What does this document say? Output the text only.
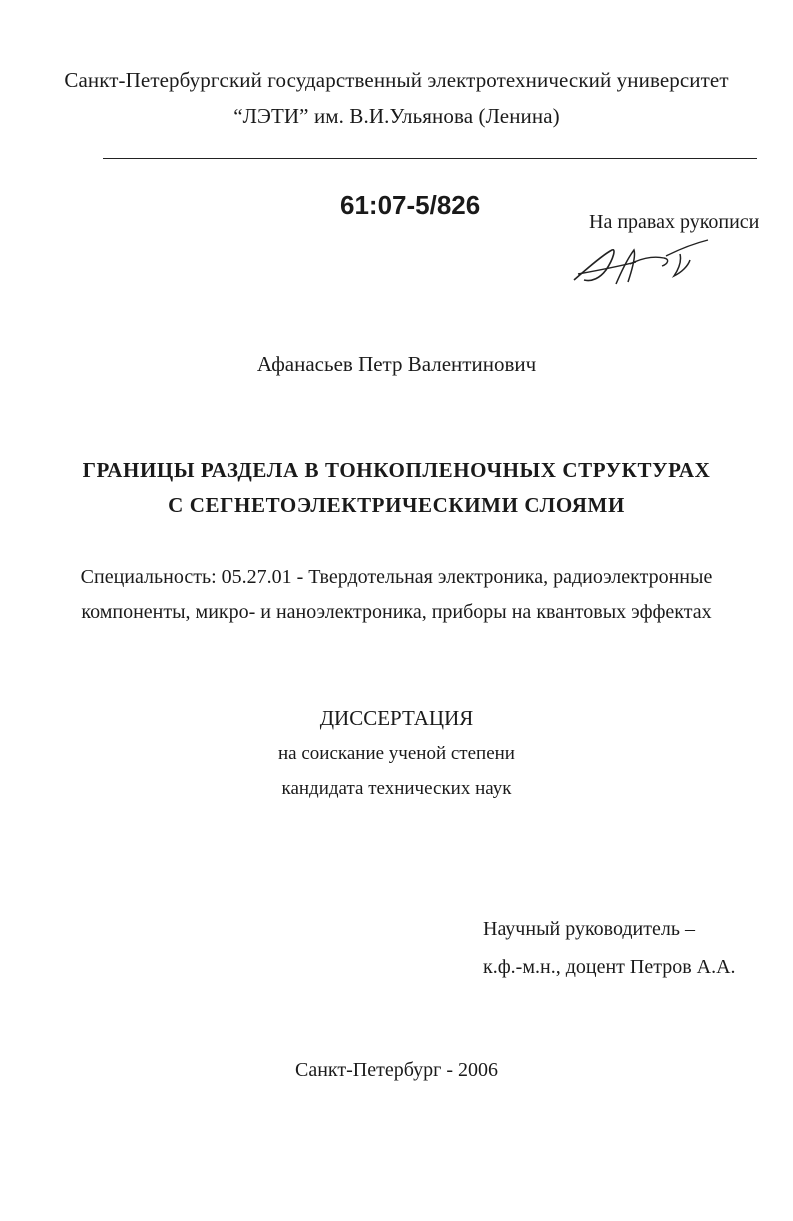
Санкт-Петербургский государственный электротехнический университет
“ЛЭТИ” им. В.И.Ульянова (Ленина)
61:07-5/826
На правах рукописи
Афанасьев Петр Валентинович
ГРАНИЦЫ РАЗДЕЛА В ТОНКОПЛЕНОЧНЫХ СТРУКТУРАХ
С СЕГНЕТОЭЛЕКТРИЧЕСКИМИ СЛОЯМИ
Специальность: 05.27.01 - Твердотельная электроника, радиоэлектронные
компоненты, микро- и наноэлектроника, приборы на квантовых эффектах
ДИССЕРТАЦИЯ
на соискание ученой степени
кандидата технических наук
Научный руководитель –
к.ф.-м.н., доцент Петров А.А.
Санкт-Петербург - 2006
